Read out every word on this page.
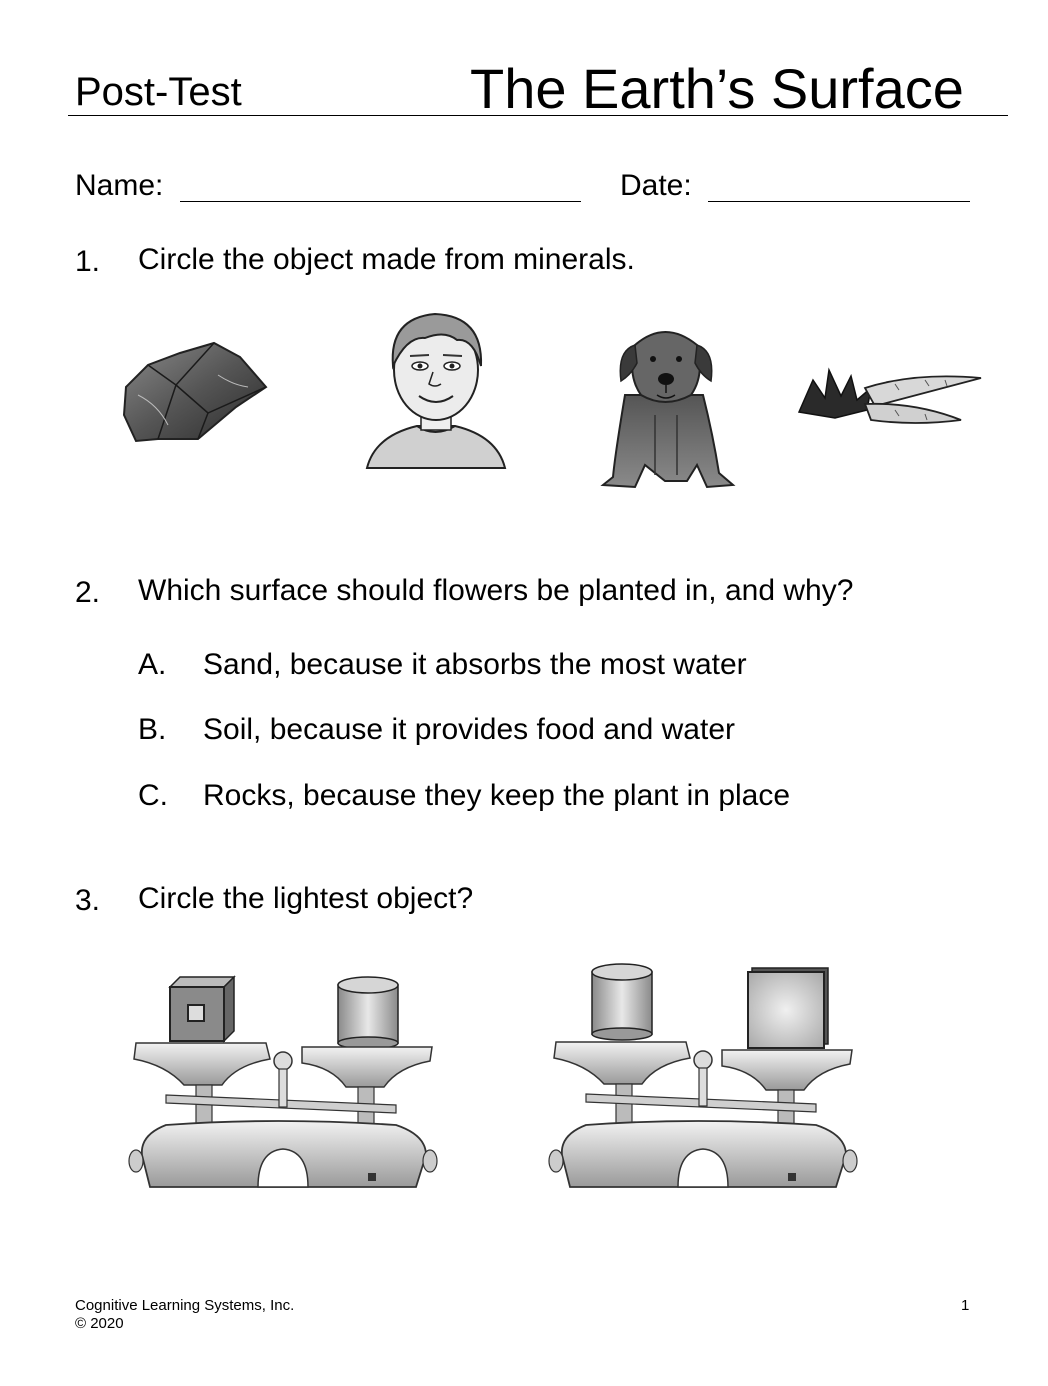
Post-Test	The Earth’s Surface
Name:	Date:
1. Circle the object made from minerals.
2. Which surface should flowers be planted in, and why?
A. Sand, because it absorbs the most water
B. Soil, because it provides food and water
C. Rocks, because they keep the plant in place
3. Circle the lightest object?
Cognitive Learning Systems, Inc.
© 2020
1
